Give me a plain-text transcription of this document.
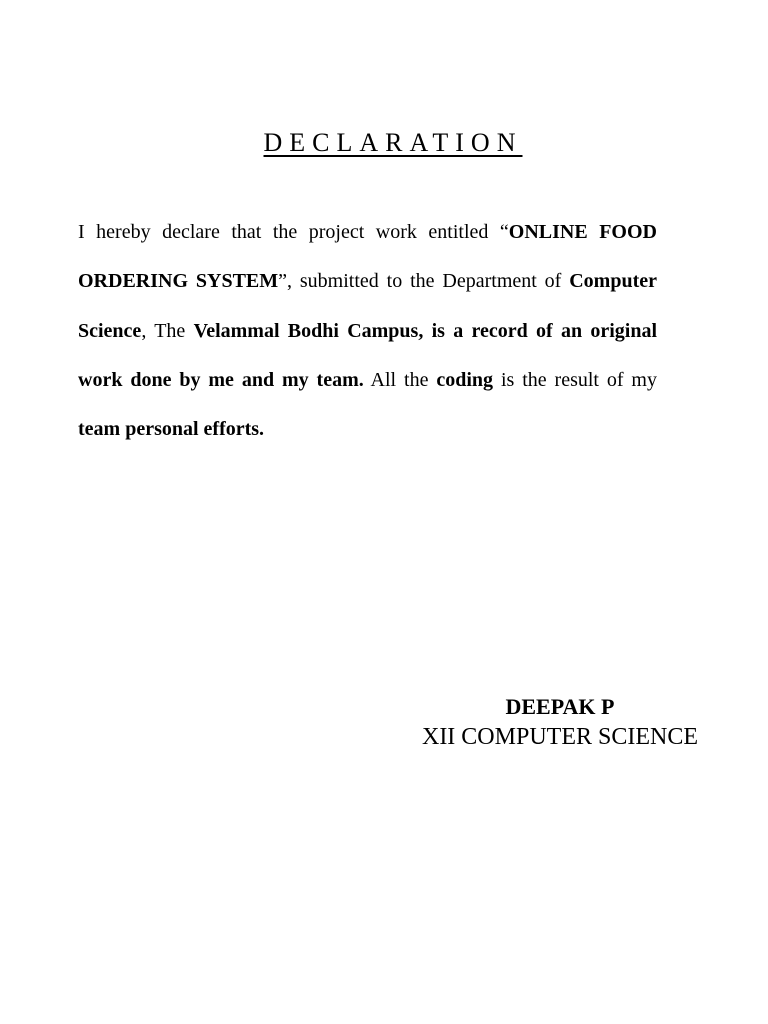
DECLARATION

I hereby declare that the project work entitled “ONLINE FOOD ORDERING SYSTEM”, submitted to the Department of Computer Science, The Velammal Bodhi Campus, is a record of an original work done by me and my team. All the coding is the result of my team personal efforts.

DEEPAK P
XII COMPUTER SCIENCE
